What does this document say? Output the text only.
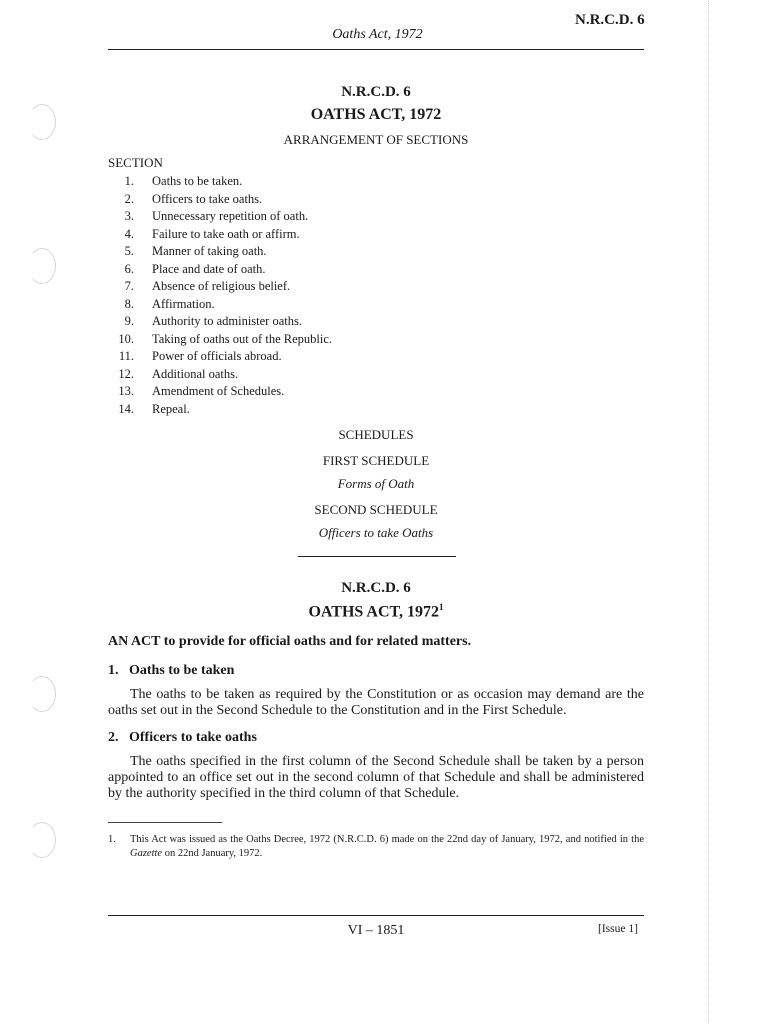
N.R.C.D. 6
Oaths Act, 1972
N.R.C.D. 6
OATHS ACT, 1972
ARRANGEMENT OF SECTIONS
SECTION
1. Oaths to be taken.
2. Officers to take oaths.
3. Unnecessary repetition of oath.
4. Failure to take oath or affirm.
5. Manner of taking oath.
6. Place and date of oath.
7. Absence of religious belief.
8. Affirmation.
9. Authority to administer oaths.
10. Taking of oaths out of the Republic.
11. Power of officials abroad.
12. Additional oaths.
13. Amendment of Schedules.
14. Repeal.
SCHEDULES
FIRST SCHEDULE
Forms of Oath
SECOND SCHEDULE
Officers to take Oaths
N.R.C.D. 6
OATHS ACT, 1972$^1$
AN ACT to provide for official oaths and for related matters.
1.   Oaths to be taken
The oaths to be taken as required by the Constitution or as occasion may demand are the oaths set out in the Second Schedule to the Constitution and in the First Schedule.
2.   Officers to take oaths
The oaths specified in the first column of the Second Schedule shall be taken by a person appointed to an office set out in the second column of that Schedule and shall be administered by the authority specified in the third column of that Schedule.
1. This Act was issued as the Oaths Decree, 1972 (N.R.C.D. 6) made on the 22nd day of January, 1972, and notified in the Gazette on 22nd January, 1972.
VI – 1851	[Issue 1]
